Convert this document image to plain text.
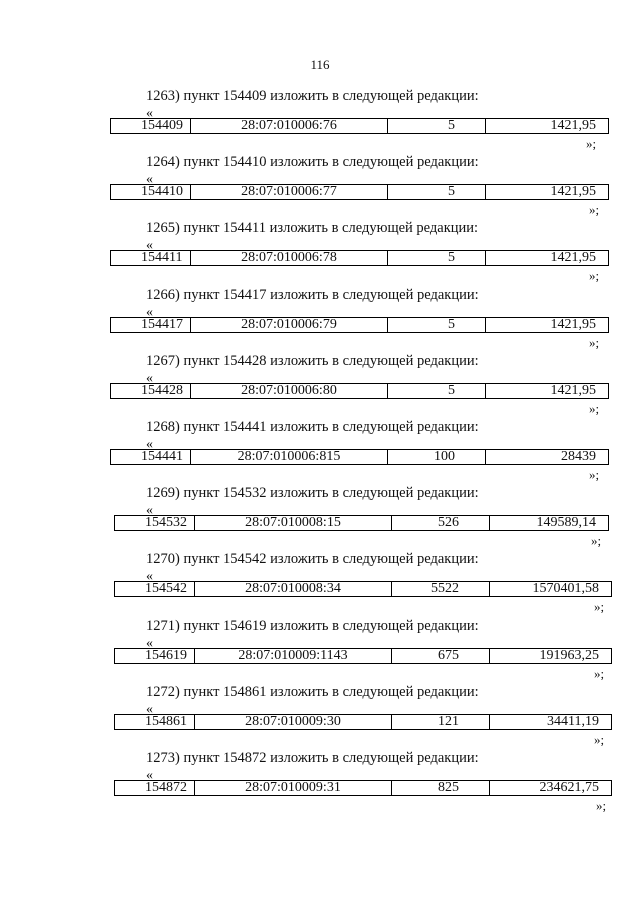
116
1263) пункт 154409 изложить в следующей редакции:
«
154409	28:07:010006:76	5	1421,95
»;
1264) пункт 154410 изложить в следующей редакции:
«
154410	28:07:010006:77	5	1421,95
»;
1265) пункт 154411 изложить в следующей редакции:
«
154411	28:07:010006:78	5	1421,95
»;
1266) пункт 154417 изложить в следующей редакции:
«
154417	28:07:010006:79	5	1421,95
»;
1267) пункт 154428 изложить в следующей редакции:
«
154428	28:07:010006:80	5	1421,95
»;
1268) пункт 154441 изложить в следующей редакции:
«
154441	28:07:010006:815	100	28439
»;
1269) пункт 154532 изложить в следующей редакции:
«
154532	28:07:010008:15	526	149589,14
»;
1270) пункт 154542 изложить в следующей редакции:
«
154542	28:07:010008:34	5522	1570401,58
»;
1271) пункт 154619 изложить в следующей редакции:
«
154619	28:07:010009:1143	675	191963,25
»;
1272) пункт 154861 изложить в следующей редакции:
«
154861	28:07:010009:30	121	34411,19
»;
1273) пункт 154872 изложить в следующей редакции:
«
154872	28:07:010009:31	825	234621,75
»;
